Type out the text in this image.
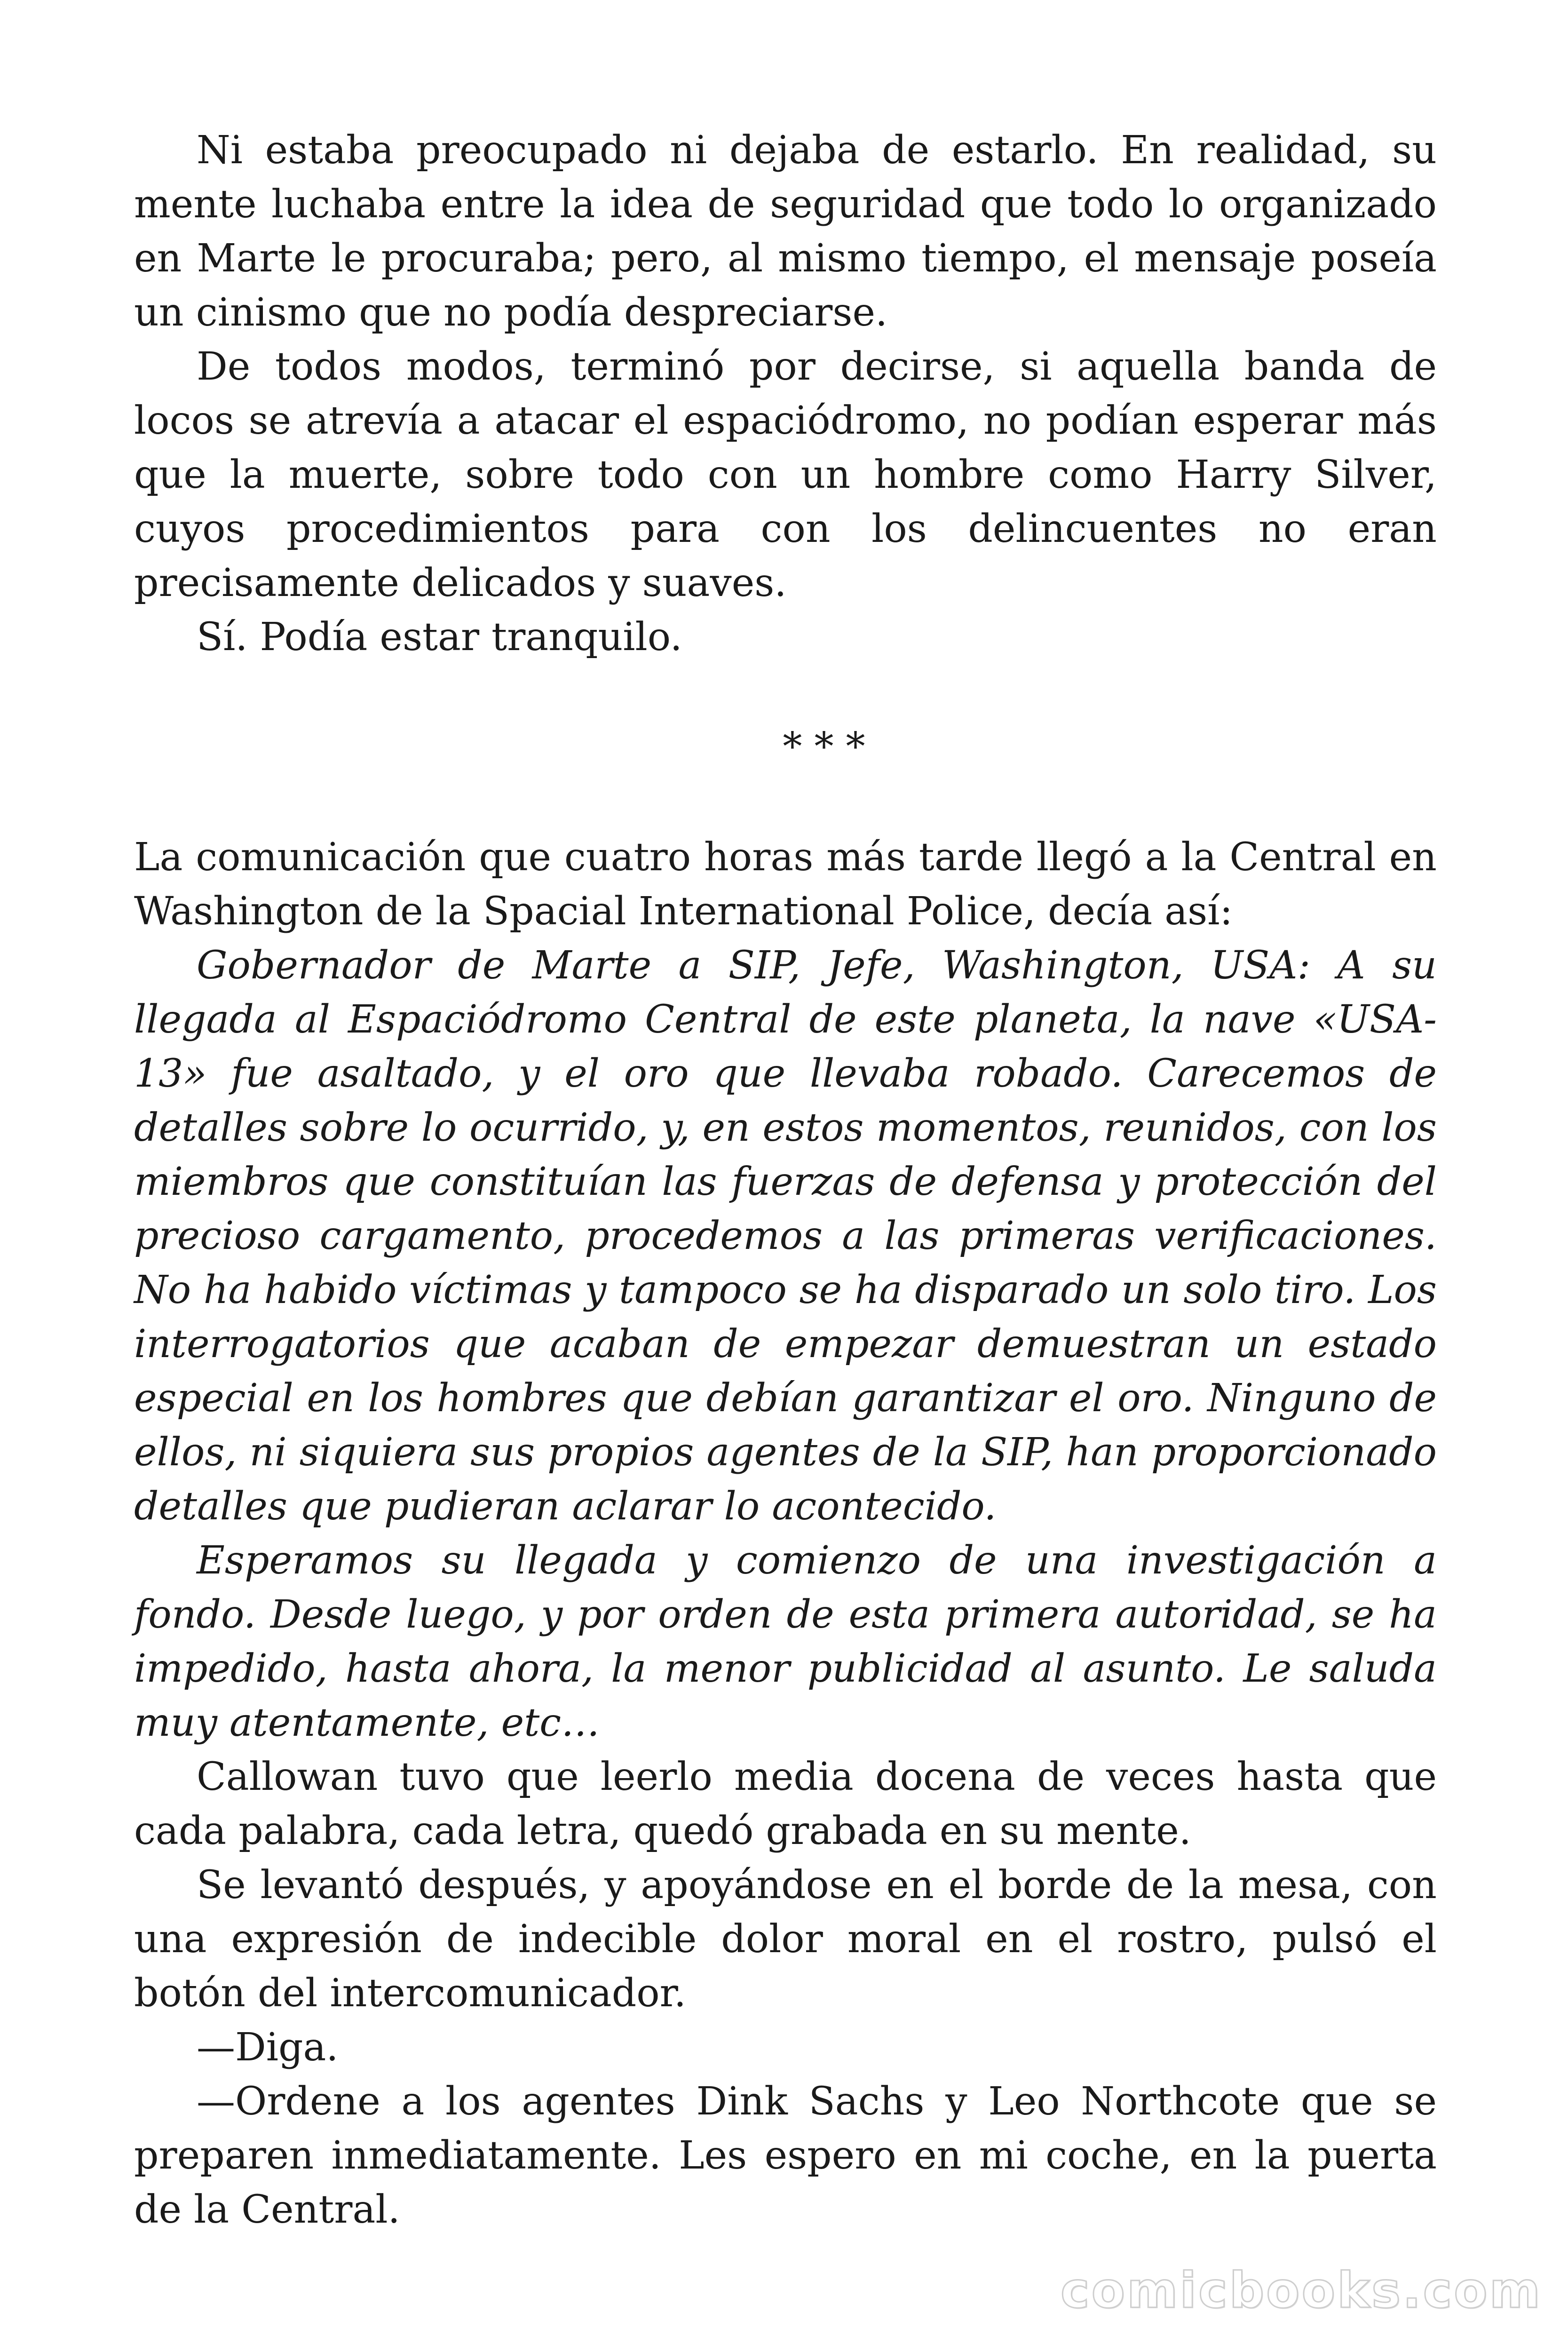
Ni estaba preocupado ni dejaba de estarlo. En realidad, su mente luchaba entre la idea de seguridad que todo lo organizado en Marte le procuraba; pero, al mismo tiempo, el mensaje poseía un cinismo que no podía despreciarse.

De todos modos, terminó por decirse, si aquella banda de locos se atrevía a atacar el espaciódromo, no podían esperar más que la muerte, sobre todo con un hombre como Harry Silver, cuyos procedimientos para con los delincuentes no eran precisamente delicados y suaves.

Sí. Podía estar tranquilo.

* * *

La comunicación que cuatro horas más tarde llegó a la Central en Washington de la Spacial International Police, decía así:

Gobernador de Marte a SIP, Jefe, Washington, USA: A su llegada al Espaciódromo Central de este planeta, la nave «USA-13» fue asaltado, y el oro que llevaba robado. Carecemos de detalles sobre lo ocurrido, y, en estos momentos, reunidos, con los miembros que constituían las fuerzas de defensa y protección del precioso cargamento, procedemos a las primeras verificaciones. No ha habido víctimas y tampoco se ha disparado un solo tiro. Los interrogatorios que acaban de empezar demuestran un estado especial en los hombres que debían garantizar el oro. Ninguno de ellos, ni siquiera sus propios agentes de la SIP, han proporcionado detalles que pudieran aclarar lo acontecido.

Esperamos su llegada y comienzo de una investigación a fondo. Desde luego, y por orden de esta primera autoridad, se ha impedido, hasta ahora, la menor publicidad al asunto. Le saluda muy atentamente, etc…

Callowan tuvo que leerlo media docena de veces hasta que cada palabra, cada letra, quedó grabada en su mente.

Se levantó después, y apoyándose en el borde de la mesa, con una expresión de indecible dolor moral en el rostro, pulsó el botón del intercomunicador.

—Diga.

—Ordene a los agentes Dink Sachs y Leo Northcote que se preparen inmediatamente. Les espero en mi coche, en la puerta de la Central.

comicbooks.com
